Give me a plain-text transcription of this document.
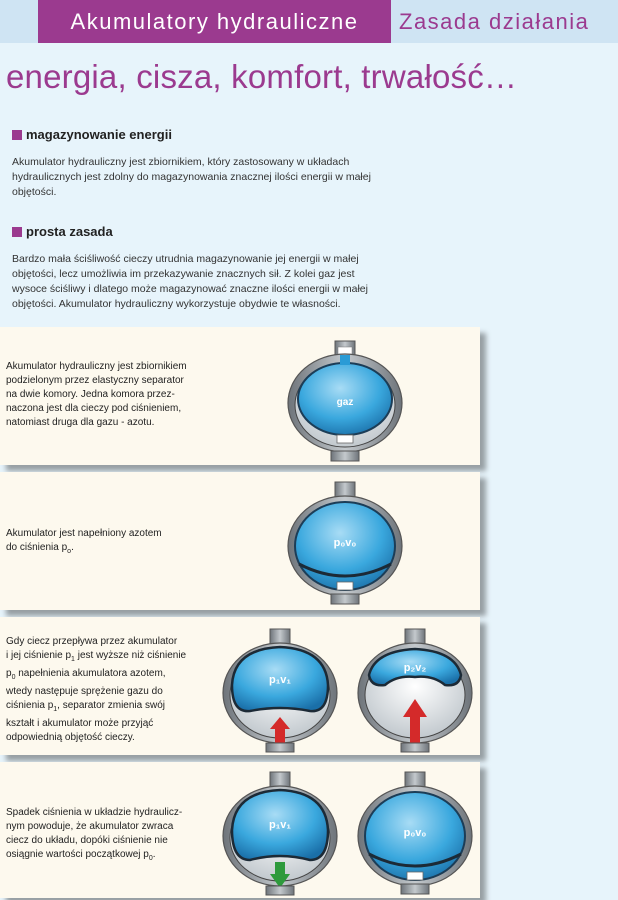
Akumulatory hydrauliczne	Zasada działania
energia, cisza, komfort, trwałość…
magazynowanie energii
Akumulator hydrauliczny jest zbiornikiem, który zastosowany w układach
hydraulicznych jest zdolny do magazynowania znacznej ilości energii w małej
objętości.
prosta zasada
Bardzo mała ściśliwość cieczy utrudnia magazynowanie jej energii w małej
objętości, lecz umożliwia im przekazywanie znacznych sił. Z kolei gaz jest
wysoce ściśliwy i dlatego może magazynować znaczne ilości energii w małej
objętości. Akumulator hydrauliczny wykorzystuje obydwie te własności.
Akumulator hydrauliczny jest zbiornikiem
podzielonym przez elastyczny separator
na dwie komory. Jedna komora przez-
naczona jest dla cieczy pod ciśnieniem,
natomiast druga dla gazu - azotu.
gaz
Akumulator jest napełniony azotem
do ciśnienia $p_o$.	p₀v₀
Gdy ciecz przepływa przez akumulator
i jej ciśnienie $p_1$ jest wyższe niż ciśnienie
$p_0$ napełnienia akumulatora azotem,
wtedy następuje sprężenie gazu do
ciśnienia $p_1$, separator zmienia swój
kształt i akumulator może przyjąć
odpowiednią objętość cieczy.
p₁v₁
p₂v₂
Spadek ciśnienia w układzie hydraulicz-
nym powoduje, że akumulator zwraca
ciecz do układu, dopóki ciśnienie nie
osiągnie wartości początkowej $p_0$.
p₁v₁
p₀v₀
